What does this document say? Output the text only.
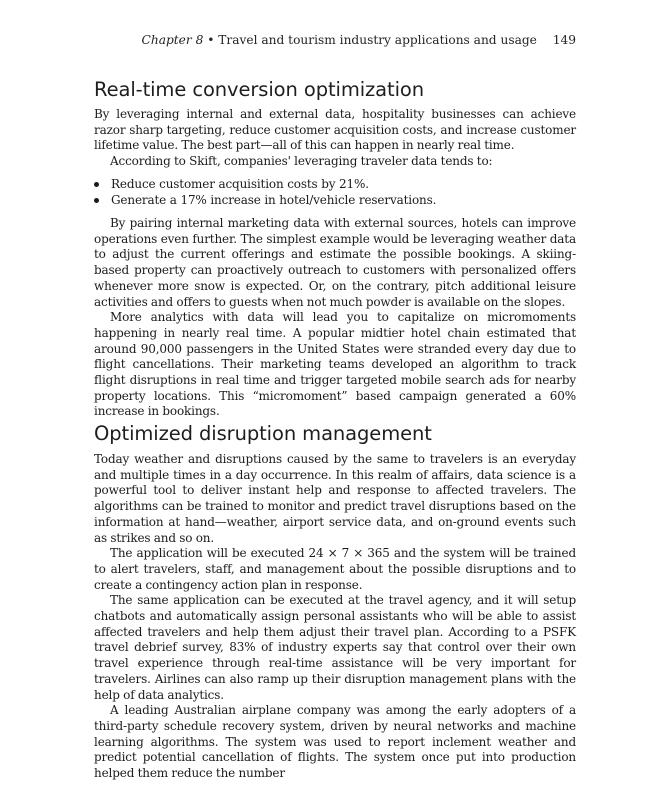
Chapter 8 • Travel and tourism industry applications and usage 149
Real-time conversion optimization

By leveraging internal and external data, hospitality businesses can achieve razor sharp targeting, reduce customer acquisition costs, and increase customer lifetime value. The best part—all of this can happen in nearly real time.

According to Skift, companies' leveraging traveler data tends to:

Reduce customer acquisition costs by 21%.
Generate a 17% increase in hotel/vehicle reservations.

By pairing internal marketing data with external sources, hotels can improve operations even further. The simplest example would be leveraging weather data to adjust the current offerings and estimate the possible bookings. A skiing-based property can proactively outreach to customers with personalized offers whenever more snow is expected. Or, on the contrary, pitch additional leisure activities and offers to guests when not much powder is available on the slopes.

More analytics with data will lead you to capitalize on micromoments happening in nearly real time. A popular midtier hotel chain estimated that around 90,000 passengers in the United States were stranded every day due to flight cancellations. Their marketing teams developed an algorithm to track flight disruptions in real time and trigger targeted mobile search ads for nearby property locations. This “micromoment” based campaign generated a 60% increase in bookings.

Optimized disruption management

Today weather and disruptions caused by the same to travelers is an everyday and multiple times in a day occurrence. In this realm of affairs, data science is a powerful tool to deliver instant help and response to affected travelers. The algorithms can be trained to monitor and predict travel disruptions based on the information at hand—weather, airport service data, and on-ground events such as strikes and so on.

The application will be executed 24 × 7 × 365 and the system will be trained to alert travelers, staff, and management about the possible disruptions and to create a contingency action plan in response.

The same application can be executed at the travel agency, and it will setup chatbots and automatically assign personal assistants who will be able to assist affected travelers and help them adjust their travel plan. According to a PSFK travel debrief survey, 83% of industry experts say that control over their own travel experience through real-time assistance will be very important for travelers. Airlines can also ramp up their disruption management plans with the help of data analytics.

A leading Australian airplane company was among the early adopters of a third-party schedule recovery system, driven by neural networks and machine learning algorithms. The system was used to report inclement weather and predict potential cancellation of flights. The system once put into production helped them reduce the number
